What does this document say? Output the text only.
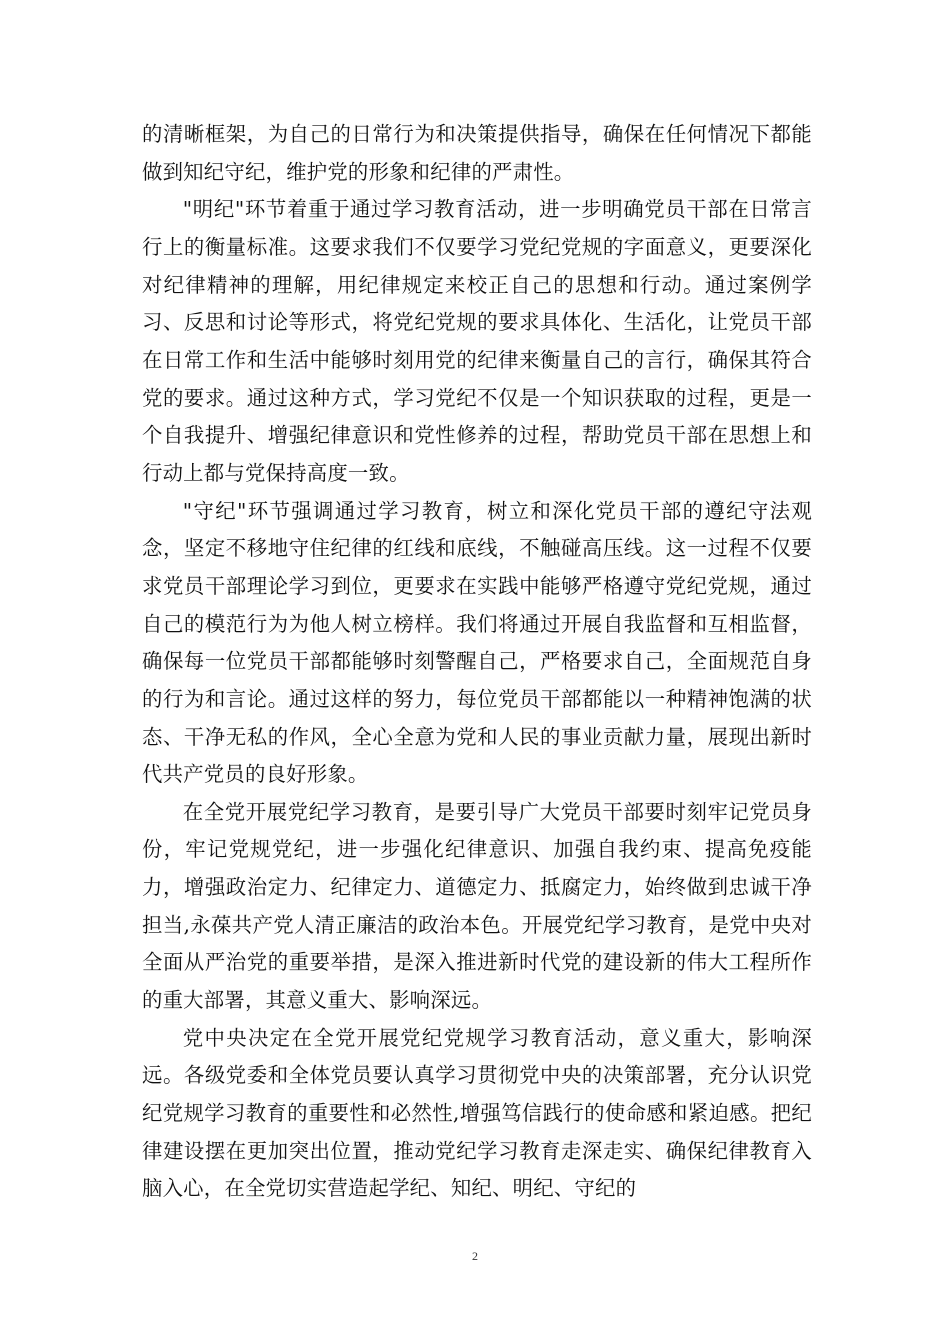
的清晰框架，为自己的日常行为和决策提供指导，确保在任何情况下都能做到知纪守纪，维护党的形象和纪律的严肃性。

"明纪"环节着重于通过学习教育活动，进一步明确党员干部在日常言行上的衡量标准。这要求我们不仅要学习党纪党规的字面意义，更要深化对纪律精神的理解，用纪律规定来校正自己的思想和行动。通过案例学习、反思和讨论等形式，将党纪党规的要求具体化、生活化，让党员干部在日常工作和生活中能够时刻用党的纪律来衡量自己的言行，确保其符合党的要求。通过这种方式，学习党纪不仅是一个知识获取的过程，更是一个自我提升、增强纪律意识和党性修养的过程，帮助党员干部在思想上和行动上都与党保持高度一致。

"守纪"环节强调通过学习教育，树立和深化党员干部的遵纪守法观念，坚定不移地守住纪律的红线和底线，不触碰高压线。这一过程不仅要求党员干部理论学习到位，更要求在实践中能够严格遵守党纪党规，通过自己的模范行为为他人树立榜样。我们将通过开展自我监督和互相监督，确保每一位党员干部都能够时刻警醒自己，严格要求自己，全面规范自身的行为和言论。通过这样的努力，每位党员干部都能以一种精神饱满的状态、干净无私的作风，全心全意为党和人民的事业贡献力量，展现出新时代共产党员的良好形象。

在全党开展党纪学习教育，是要引导广大党员干部要时刻牢记党员身份，牢记党规党纪，进一步强化纪律意识、加强自我约束、提高免疫能力，增强政治定力、纪律定力、道德定力、抵腐定力，始终做到忠诚干净担当,永葆共产党人清正廉洁的政治本色。开展党纪学习教育，是党中央对全面从严治党的重要举措，是深入推进新时代党的建设新的伟大工程所作的重大部署，其意义重大、影响深远。

党中央决定在全党开展党纪党规学习教育活动，意义重大，影响深远。各级党委和全体党员要认真学习贯彻党中央的决策部署，充分认识党纪党规学习教育的重要性和必然性,增强笃信践行的使命感和紧迫感。把纪律建设摆在更加突出位置，推动党纪学习教育走深走实、确保纪律教育入脑入心，在全党切实营造起学纪、知纪、明纪、守纪的

2
